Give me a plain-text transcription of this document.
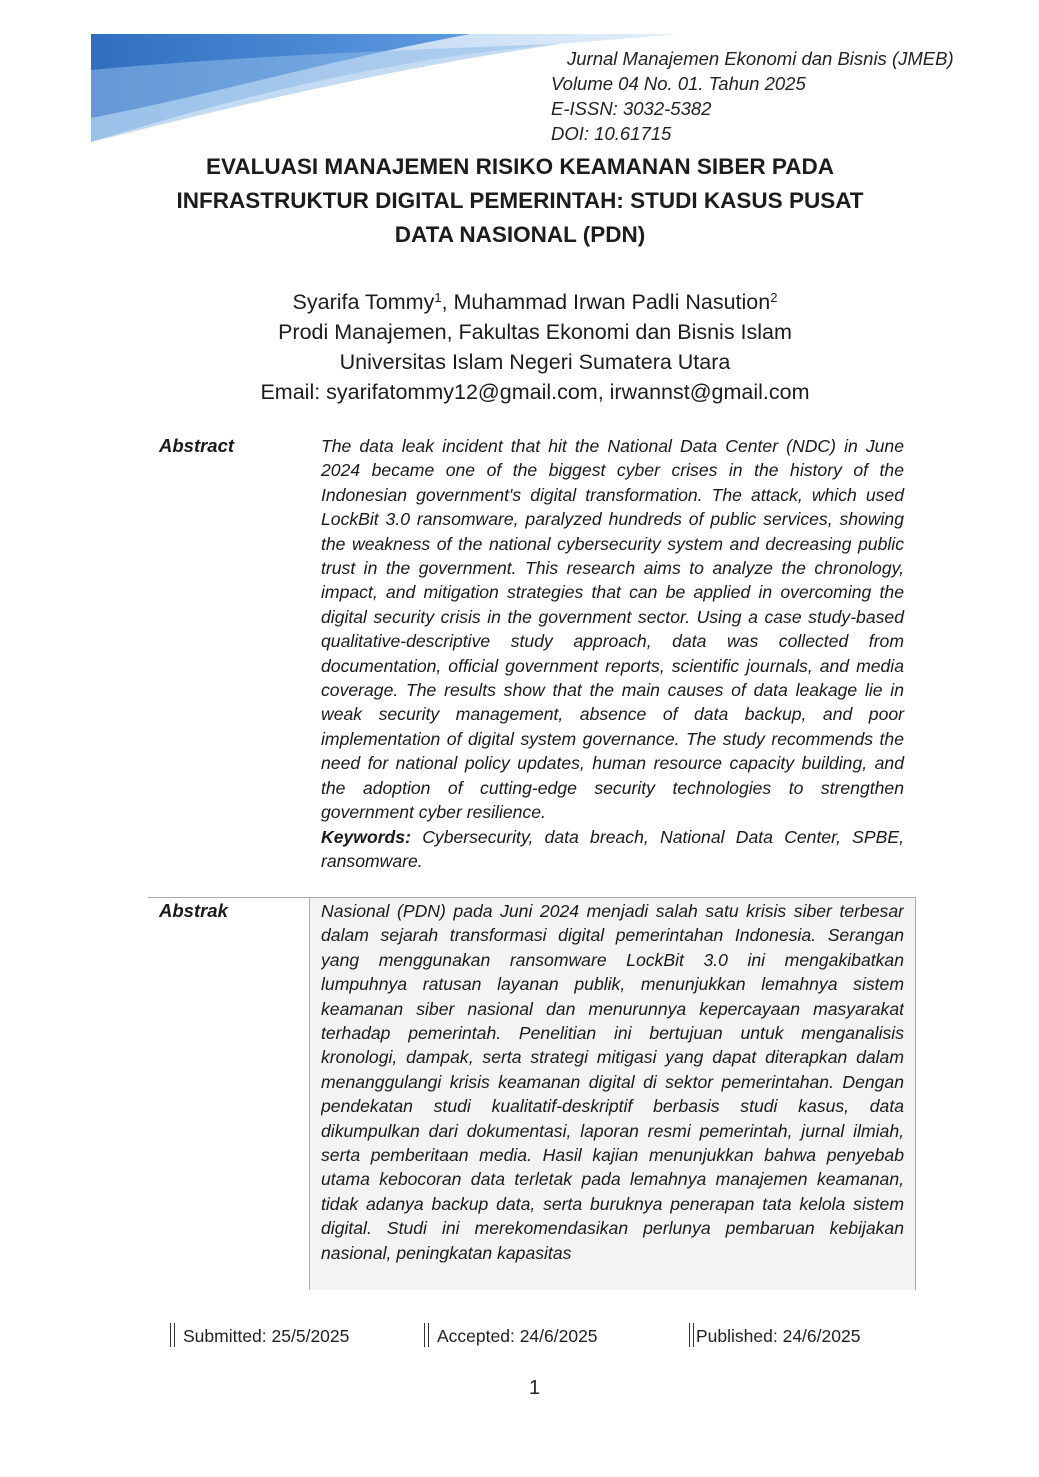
Jurnal Manajemen Ekonomi dan Bisnis (JMEB)
Volume 04 No. 01. Tahun 2025
E-ISSN: 3032-5382
DOI: 10.61715
EVALUASI MANAJEMEN RISIKO KEAMANAN SIBER PADA
INFRASTRUKTUR DIGITAL PEMERINTAH: STUDI KASUS PUSAT
DATA NASIONAL (PDN)
Syarifa Tommy$^1$, Muhammad Irwan Padli Nasution$^2$
Prodi Manajemen, Fakultas Ekonomi dan Bisnis Islam
Universitas Islam Negeri Sumatera Utara
Email: syarifatommy12@gmail.com, irwannst@gmail.com
Abstract	The data leak incident that hit the National Data Center (NDC) in June 2024 became one of the biggest cyber crises in the history of the Indonesian government's digital transformation. The attack, which used LockBit 3.0 ransomware, paralyzed hundreds of public services, showing the weakness of the national cybersecurity system and decreasing public trust in the government. This research aims to analyze the chronology, impact, and mitigation strategies that can be applied in overcoming the digital security crisis in the government sector. Using a case study-based qualitative-descriptive study approach, data was collected from documentation, official government reports, scientific journals, and media coverage. The results show that the main causes of data leakage lie in weak security management, absence of data backup, and poor implementation of digital system governance. The study recommends the need for national policy updates, human resource capacity building, and the adoption of cutting-edge security technologies to strengthen government cyber resilience.
Keywords: Cybersecurity, data breach, National Data Center, SPBE, ransomware.
Abstrak	Nasional (PDN) pada Juni 2024 menjadi salah satu krisis siber terbesar dalam sejarah transformasi digital pemerintahan Indonesia. Serangan yang menggunakan ransomware LockBit 3.0 ini mengakibatkan lumpuhnya ratusan layanan publik, menunjukkan lemahnya sistem keamanan siber nasional dan menurunnya kepercayaan masyarakat terhadap pemerintah. Penelitian ini bertujuan untuk menganalisis kronologi, dampak, serta strategi mitigasi yang dapat diterapkan dalam menanggulangi krisis keamanan digital di sektor pemerintahan. Dengan pendekatan studi kualitatif-deskriptif berbasis studi kasus, data dikumpulkan dari dokumentasi, laporan resmi pemerintah, jurnal ilmiah, serta pemberitaan media. Hasil kajian menunjukkan bahwa penyebab utama kebocoran data terletak pada lemahnya manajemen keamanan, tidak adanya backup data, serta buruknya penerapan tata kelola sistem digital. Studi ini merekomendasikan perlunya pembaruan kebijakan nasional, peningkatan kapasitas
Submitted: 25/5/2025	Accepted: 24/6/2025	Published: 24/6/2025
1
